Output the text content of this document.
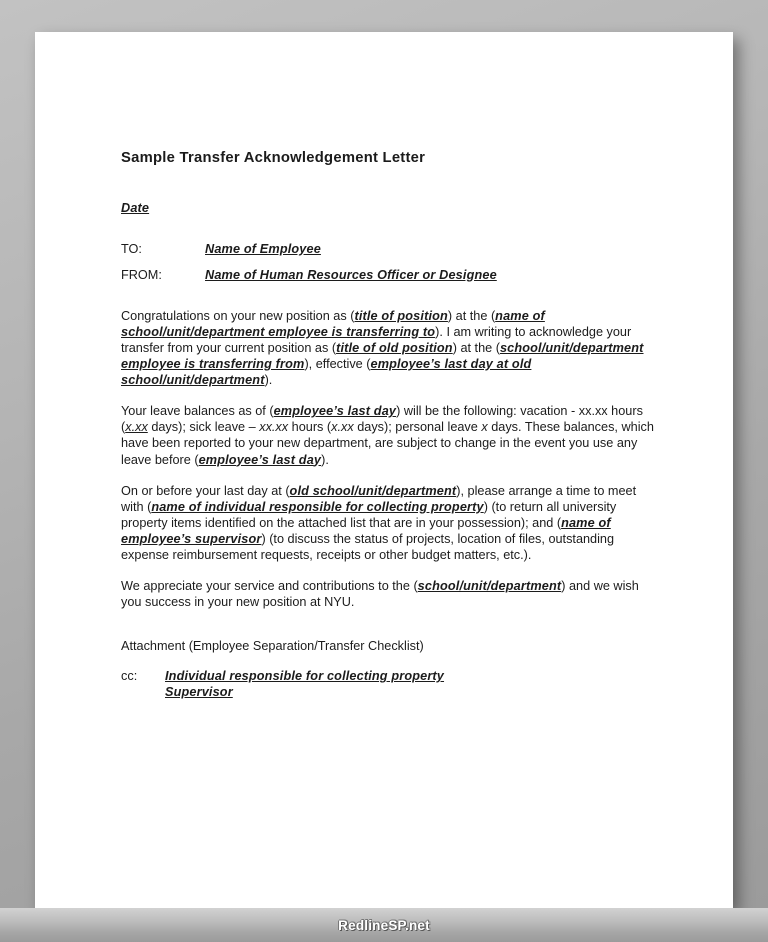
Sample Transfer Acknowledgement Letter
Date
TO:	Name of Employee
FROM:	Name of Human Resources Officer or Designee

Congratulations on your new position as (title of position) at the (name of school/unit/department employee is transferring to). I am writing to acknowledge your transfer from your current position as (title of old position) at the (school/unit/department employee is transferring from), effective (employee’s last day at old school/unit/department).

Your leave balances as of (employee’s last day) will be the following: vacation - xx.xx hours (x.xx days); sick leave – xx.xx hours (x.xx days); personal leave x days. These balances, which have been reported to your new department, are subject to change in the event you use any leave before (employee’s last day).

On or before your last day at (old school/unit/department), please arrange a time to meet with (name of individual responsible for collecting property) (to return all university property items identified on the attached list that are in your possession); and (name of employee’s supervisor) (to discuss the status of projects, location of files, outstanding expense reimbursement requests, receipts or other budget matters, etc.).

We appreciate your service and contributions to the (school/unit/department) and we wish you success in your new position at NYU.

Attachment (Employee Separation/Transfer Checklist)
cc:	Individual responsible for collecting property
Supervisor
RedlineSP.net
